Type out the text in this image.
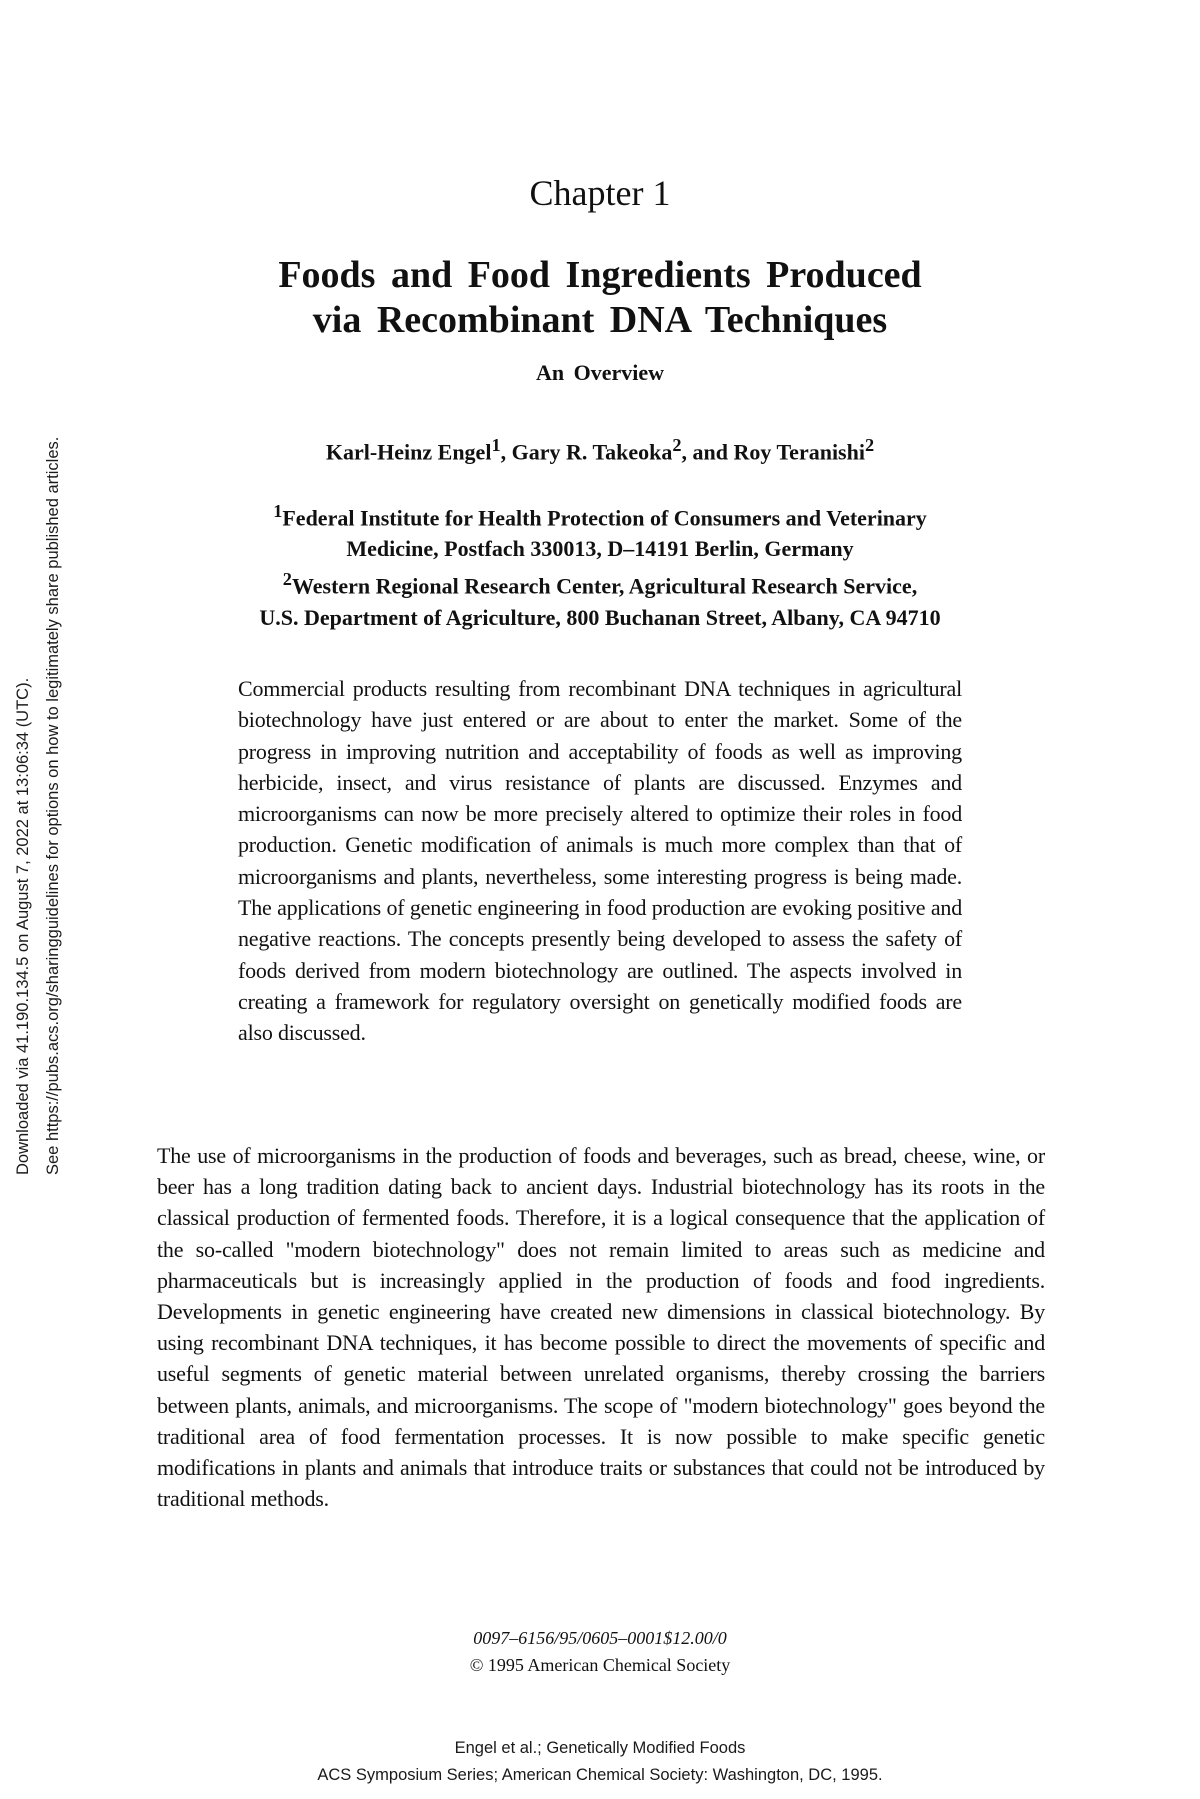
Downloaded via 41.190.134.5 on August 7, 2022 at 13:06:34 (UTC). See https://pubs.acs.org/sharingguidelines for options on how to legitimately share published articles.
Chapter 1
Foods and Food Ingredients Produced
via Recombinant DNA Techniques
An Overview
Karl-Heinz Engel$^1$, Gary R. Takeoka$^2$, and Roy Teranishi$^2$
$^1$Federal Institute for Health Protection of Consumers and Veterinary
Medicine, Postfach 330013, D–14191 Berlin, Germany
$^2$Western Regional Research Center, Agricultural Research Service,
U.S. Department of Agriculture, 800 Buchanan Street, Albany, CA 94710

Commercial products resulting from recombinant DNA techniques in agricultural biotechnology have just entered or are about to enter the market. Some of the progress in improving nutrition and acceptability of foods as well as improving herbicide, insect, and virus resistance of plants are discussed. Enzymes and microorganisms can now be more precisely altered to optimize their roles in food production. Genetic modification of animals is much more complex than that of microorganisms and plants, nevertheless, some interesting progress is being made. The applications of genetic engineering in food production are evoking positive and negative reactions. The concepts presently being developed to assess the safety of foods derived from modern biotechnology are outlined. The aspects involved in creating a framework for regulatory oversight on genetically modified foods are also discussed.

The use of microorganisms in the production of foods and beverages, such as bread, cheese, wine, or beer has a long tradition dating back to ancient days. Industrial biotechnology has its roots in the classical production of fermented foods. Therefore, it is a logical consequence that the application of the so-called "modern biotechnology" does not remain limited to areas such as medicine and pharmaceuticals but is increasingly applied in the production of foods and food ingredients. Developments in genetic engineering have created new dimensions in classical biotechnology. By using recombinant DNA techniques, it has become possible to direct the movements of specific and useful segments of genetic material between unrelated organisms, thereby crossing the barriers between plants, animals, and microorganisms. The scope of "modern biotechnology" goes beyond the traditional area of food fermentation processes. It is now possible to make specific genetic modifications in plants and animals that introduce traits or substances that could not be introduced by traditional methods.

0097–6156/95/0605–0001$12.00/0
© 1995 American Chemical Society
Engel et al.; Genetically Modified Foods
ACS Symposium Series; American Chemical Society: Washington, DC, 1995.
